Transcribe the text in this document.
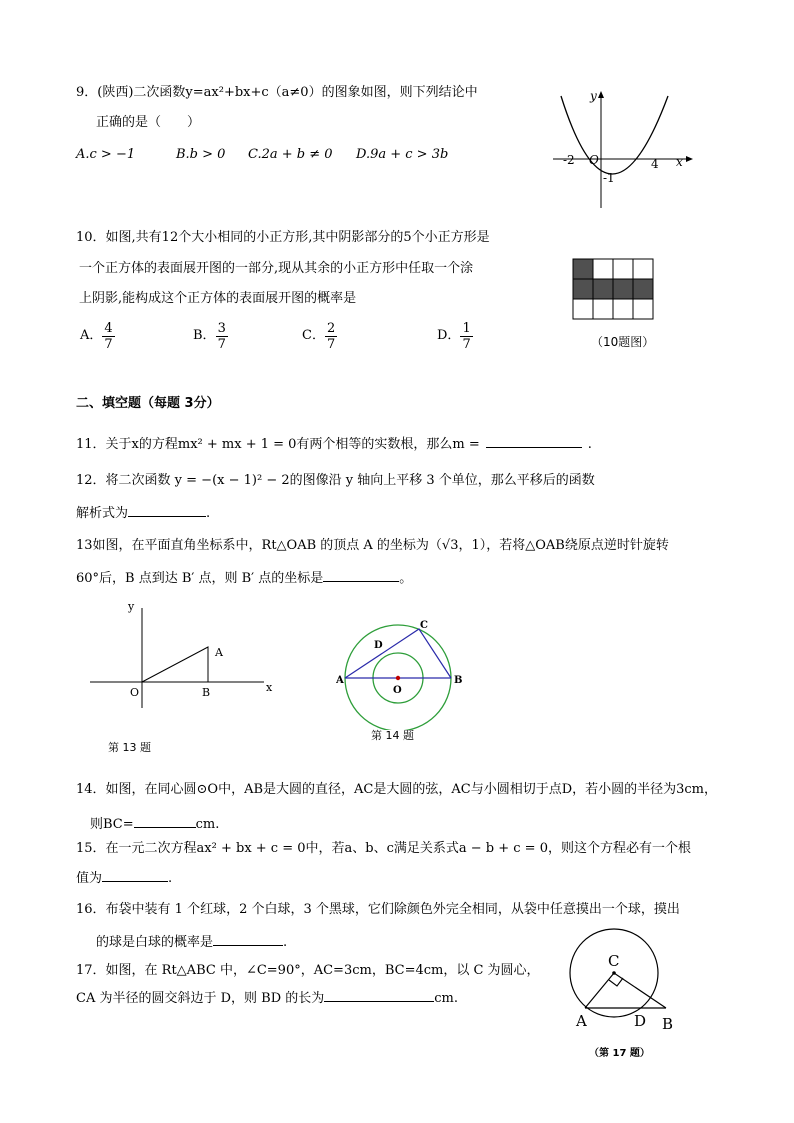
9．(陕西)二次函数y=ax²+bx+c（a≠0）的图象如图，则下列结论中
正确的是（　　）
A.c > −1	B.b > 0 C.2a + b ≠ 0 D.9a + c > 3b
y
x
O
-2	4
-1
10．如图,共有12个大小相同的小正方形,其中阴影部分的5个小正方形是
一个正方体的表面展开图的一部分,现从其余的小正方形中任取一个涂
上阴影,能构成这个正方体的表面展开图的概率是
A． $\frac{4}{7}$	B． $\frac{3}{7}$	C． $\frac{2}{7}$	D． $\frac{1}{7}$	（10题图）
二、填空题（每题 3分）
11．关于x的方程mx² + mx + 1 = 0有两个相等的实数根，那么m =	.
12．将二次函数 y = −(x − 1)² − 2的图像沿 y 轴向上平移 3 个单位，那么平移后的函数
解析式为	.
13如图，在平面直角坐标系中，Rt△OAB 的顶点 A 的坐标为（√3，1），若将△OAB绕原点逆时针旋转
60°后，B 点到达 B′ 点，则 B′ 点的坐标是	。
y
x
O
A
B
第 13 题
A	B
C
D
O
第 14 题
14．如图，在同心圆⊙O中，AB是大圆的直径，AC是大圆的弦，AC与小圆相切于点D，若小圆的半径为3cm，
则BC=	cm.
15．在一元二次方程ax² + bx + c = 0中，若a、b、c满足关系式a − b + c = 0，则这个方程必有一个根
值为	.
16．布袋中装有 1 个红球，2 个白球，3 个黑球，它们除颜色外完全相同，从袋中任意摸出一个球，摸出
的球是白球的概率是	.
17．如图，在 Rt△ABC 中，∠C=90°，AC=3cm，BC=4cm，以 C 为圆心，
CA 为半径的圆交斜边于 D，则 BD 的长为	cm.
C
A	D B
（第 17 题）
